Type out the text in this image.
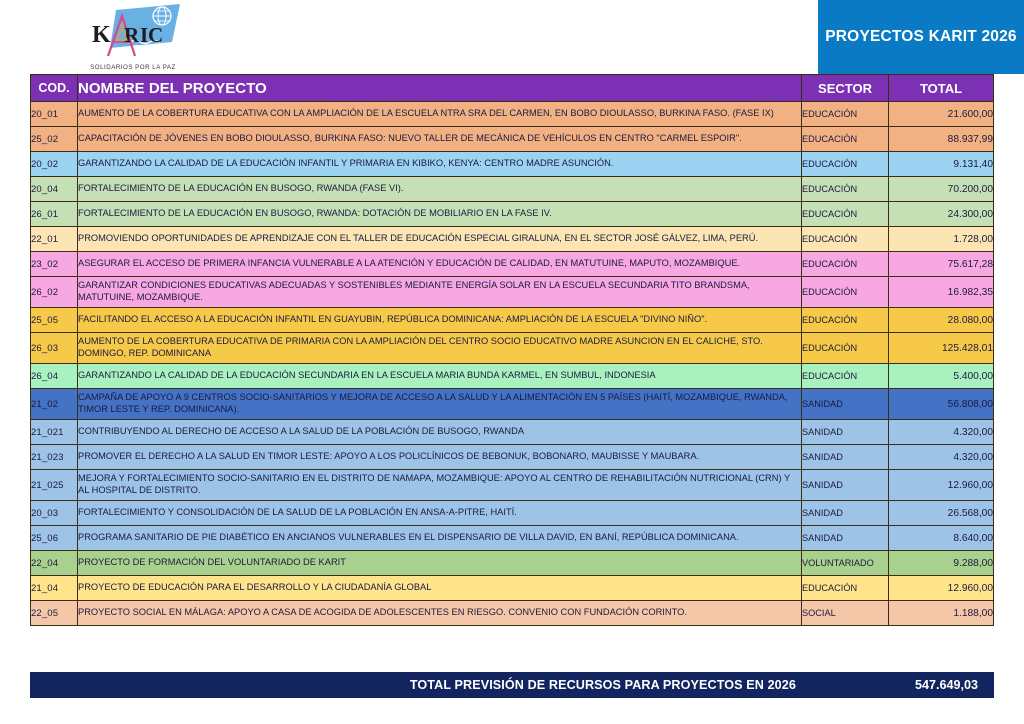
K R I C
SOLIDARIOS POR LA PAZ
PROYECTOS KARIT 2026
COD.	NOMBRE DEL PROYECTO	SECTOR	TOTAL
20_01	AUMENTO DE LA COBERTURA EDUCATIVA CON LA AMPLIACIÓN DE LA ESCUELA NTRA SRA DEL CARMEN, EN BOBO DIOULASSO, BURKINA FASO. (FASE IX)	EDUCACIÓN	21.600,00
25_02	CAPACITACIÓN DE JÓVENES EN BOBO DIOULASSO, BURKINA FASO: NUEVO TALLER DE MECÁNICA DE VEHÍCULOS EN CENTRO "CARMEL ESPOIR".	EDUCACIÓN	88.937,99
20_02	GARANTIZANDO LA CALIDAD DE LA EDUCACIÓN INFANTIL Y PRIMARIA EN KIBIKO, KENYA: CENTRO MADRE ASUNCIÓN.	EDUCACIÓN	9.131,40
20_04	FORTALECIMIENTO DE LA EDUCACIÓN EN BUSOGO, RWANDA (FASE VI).	EDUCACIÓN	70.200,00
26_01	FORTALECIMIENTO DE LA EDUCACIÓN EN BUSOGO, RWANDA: DOTACIÓN DE MOBILIARIO EN LA FASE IV.	EDUCACIÓN	24.300,00
22_01	PROMOVIENDO OPORTUNIDADES DE APRENDIZAJE CON EL TALLER DE EDUCACIÓN ESPECIAL GIRALUNA, EN EL SECTOR JOSÉ GÁLVEZ, LIMA, PERÚ.	EDUCACIÓN	1.728,00
23_02	ASEGURAR EL ACCESO DE PRIMERA INFANCIA VULNERABLE A LA ATENCIÓN Y EDUCACIÓN DE CALIDAD, EN MATUTUINE, MAPUTO, MOZAMBIQUE.	EDUCACIÓN	75.617,28
26_02	GARANTIZAR CONDICIONES EDUCATIVAS ADECUADAS Y SOSTENIBLES MEDIANTE ENERGÍA SOLAR EN LA ESCUELA SECUNDARIA TITO BRANDSMA, MATUTUINE, MOZAMBIQUE.	EDUCACIÓN	16.982,35
25_05	FACILITANDO EL ACCESO A LA EDUCACIÓN INFANTIL EN GUAYUBIN, REPÚBLICA DOMINICANA: AMPLIACIÓN DE LA ESCUELA "DIVINO NIÑO".	EDUCACIÓN	28.080,00
26_03	AUMENTO DE LA COBERTURA EDUCATIVA DE PRIMARIA CON LA AMPLIACIÓN DEL CENTRO SOCIO EDUCATIVO MADRE ASUNCION EN EL CALICHE, STO. DOMINGO, REP. DOMINICANA	EDUCACIÓN	125.428,01
26_04	GARANTIZANDO LA CALIDAD DE LA EDUCACIÓN SECUNDARIA EN LA ESCUELA MARIA BUNDA KARMEL, EN SUMBUL, INDONESIA	EDUCACIÓN	5.400,00
21_02	CAMPAÑA DE APOYO A 9 CENTROS SOCIO-SANITARIOS Y MEJORA DE ACCESO A LA SALUD Y LA ALIMENTACIÓN EN 5 PAÍSES (HAITÍ, MOZAMBIQUE, RWANDA, TIMOR LESTE Y REP. DOMINICANA).	SANIDAD	56.808,00
21_021	CONTRIBUYENDO AL DERECHO DE ACCESO A LA SALUD DE LA POBLACIÓN DE BUSOGO, RWANDA	SANIDAD	4.320,00
21_023	PROMOVER EL DERECHO A LA SALUD EN TIMOR LESTE: APOYO A LOS POLICLÍNICOS DE BEBONUK, BOBONARO, MAUBISSE Y MAUBARA.	SANIDAD	4.320,00
21_025	MEJORA Y FORTALECIMIENTO SOCIO-SANITARIO EN EL DISTRITO DE NAMAPA, MOZAMBIQUE: APOYO AL CENTRO DE REHABILITACIÓN NUTRICIONAL (CRN) Y AL HOSPITAL DE DISTRITO.	SANIDAD	12.960,00
20_03	FORTALECIMIENTO Y CONSOLIDACIÓN DE LA SALUD DE LA POBLACIÓN EN ANSA-A-PITRE, HAITÍ.	SANIDAD	26.568,00
25_06	PROGRAMA SANITARIO DE PIE DIABÉTICO EN ANCIANOS VULNERABLES EN EL DISPENSARIO DE VILLA DAVID, EN BANÍ, REPÚBLICA DOMINICANA.	SANIDAD	8.640,00
22_04	PROYECTO DE FORMACIÓN DEL VOLUNTARIADO DE KARIT	VOLUNTARIADO	9.288,00
21_04	PROYECTO DE EDUCACIÓN PARA EL DESARROLLO Y LA CIUDADANÍA GLOBAL	EDUCACIÓN	12.960,00
22_05	PROYECTO SOCIAL EN MÁLAGA: APOYO A CASA DE ACOGIDA DE ADOLESCENTES EN RIESGO. CONVENIO CON FUNDACIÓN CORINTO.	SOCIAL	1.188,00
TOTAL PREVISIÓN DE RECURSOS PARA PROYECTOS EN 2026	547.649,03
